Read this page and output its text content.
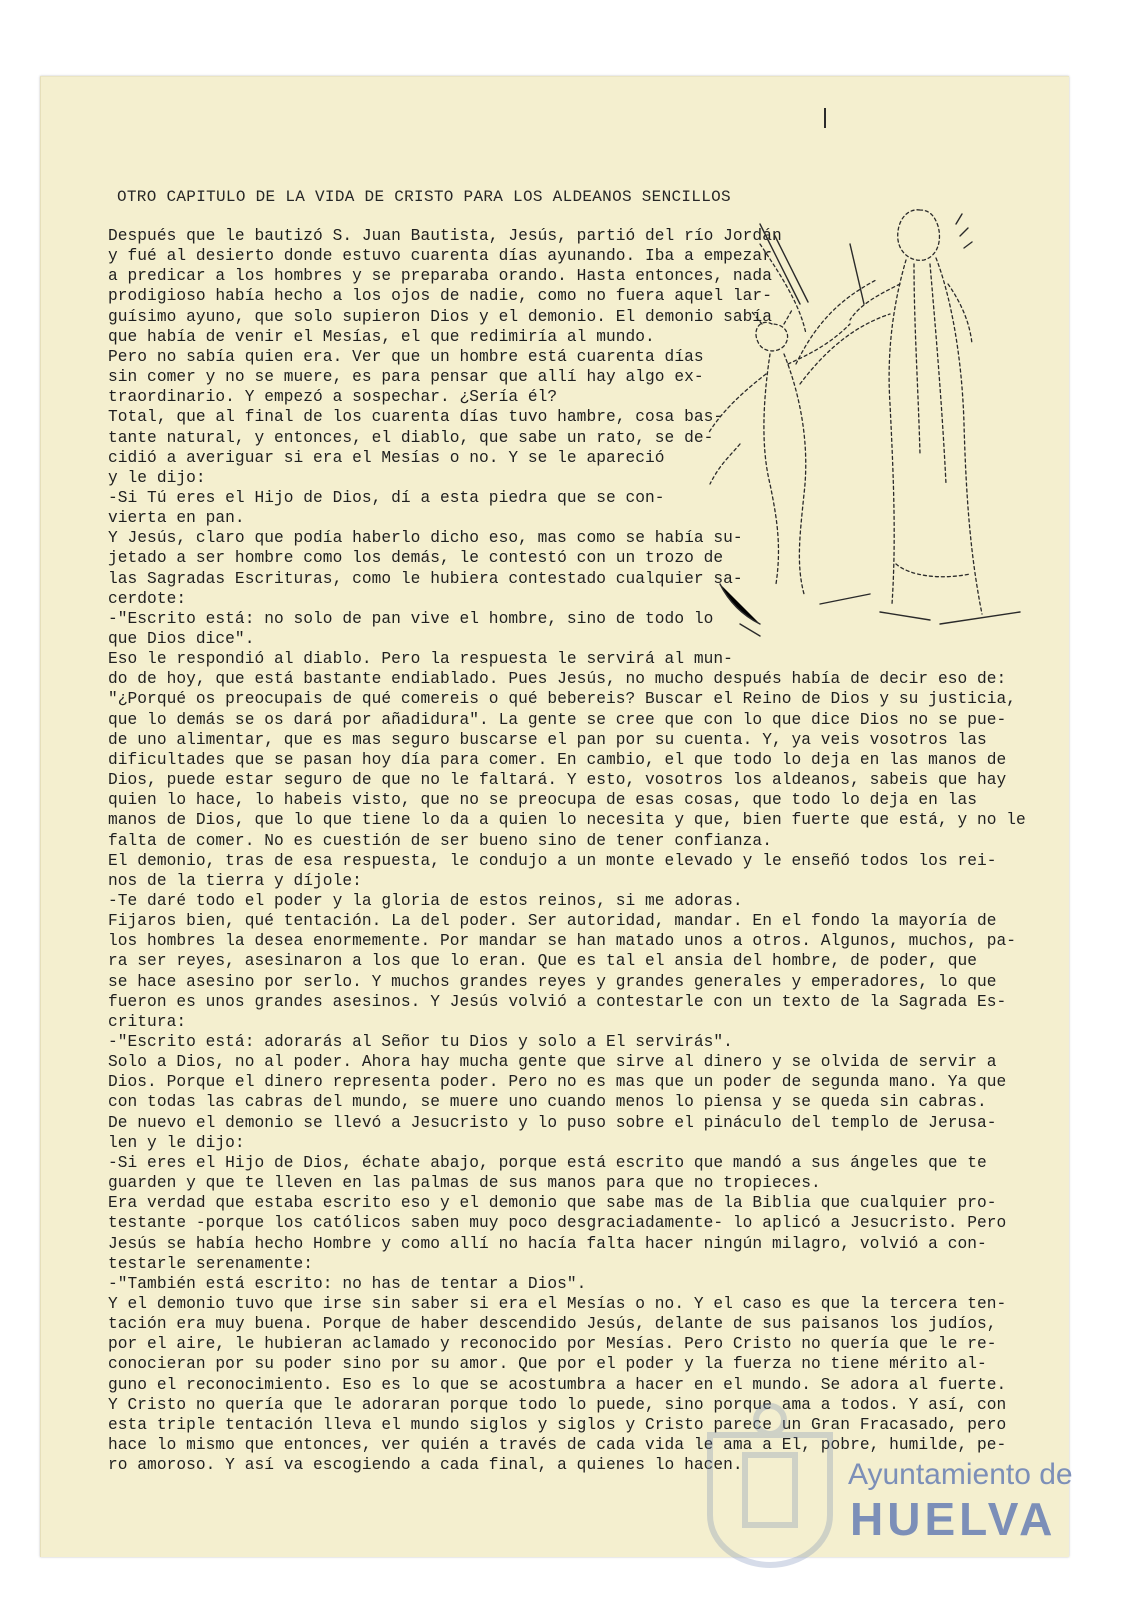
OTRO CAPITULO DE LA VIDA DE CRISTO PARA LOS ALDEANOS SENCILLOS
Después que le bautizó S. Juan Bautista, Jesús, partió del río Jordán
y fué al desierto donde estuvo cuarenta días ayunando. Iba a empezar
a predicar a los hombres y se preparaba orando. Hasta entonces, nada
prodigioso había hecho a los ojos de nadie, como no fuera aquel lar-
guísimo ayuno, que solo supieron Dios y el demonio. El demonio sabía
que había de venir el Mesías, el que redimiría al mundo.
Pero no sabía quien era. Ver que un hombre está cuarenta días
sin comer y no se muere, es para pensar que allí hay algo ex-
traordinario. Y empezó a sospechar. ¿Sería él?
Total, que al final de los cuarenta días tuvo hambre, cosa bas-
tante natural, y entonces, el diablo, que sabe un rato, se de-
cidió a averiguar si era el Mesías o no. Y se le apareció
y le dijo:
-Si Tú eres el Hijo de Dios, dí a esta piedra que se con-
vierta en pan.
Y Jesús, claro que podía haberlo dicho eso, mas como se había su-
jetado a ser hombre como los demás, le contestó con un trozo de
las Sagradas Escrituras, como le hubiera contestado cualquier sa-
cerdote:
-"Escrito está: no solo de pan vive el hombre, sino de todo lo
que Dios dice".
Eso le respondió al diablo. Pero la respuesta le servirá al mun-
do de hoy, que está bastante endiablado. Pues Jesús, no mucho después había de decir eso de:
"¿Porqué os preocupais de qué comereis o qué bebereis? Buscar el Reino de Dios y su justicia,
que lo demás se os dará por añadidura". La gente se cree que con lo que dice Dios no se pue-
de uno alimentar, que es mas seguro buscarse el pan por su cuenta. Y, ya veis vosotros las
dificultades que se pasan hoy día para comer. En cambio, el que todo lo deja en las manos de
Dios, puede estar seguro de que no le faltará. Y esto, vosotros los aldeanos, sabeis que hay
quien lo hace, lo habeis visto, que no se preocupa de esas cosas, que todo lo deja en las
manos de Dios, que lo que tiene lo da a quien lo necesita y que, bien fuerte que está, y no le
falta de comer. No es cuestión de ser bueno sino de tener confianza.
El demonio, tras de esa respuesta, le condujo a un monte elevado y le enseñó todos los rei-
nos de la tierra y díjole:
-Te daré todo el poder y la gloria de estos reinos, si me adoras.
Fijaros bien, qué tentación. La del poder. Ser autoridad, mandar. En el fondo la mayoría de
los hombres la desea enormemente. Por mandar se han matado unos a otros. Algunos, muchos, pa-
ra ser reyes, asesinaron a los que lo eran. Que es tal el ansia del hombre, de poder, que
se hace asesino por serlo. Y muchos grandes reyes y grandes generales y emperadores, lo que
fueron es unos grandes asesinos. Y Jesús volvió a contestarle con un texto de la Sagrada Es-
critura:
-"Escrito está: adorarás al Señor tu Dios y solo a El servirás".
Solo a Dios, no al poder. Ahora hay mucha gente que sirve al dinero y se olvida de servir a
Dios. Porque el dinero representa poder. Pero no es mas que un poder de segunda mano. Ya que
con todas las cabras del mundo, se muere uno cuando menos lo piensa y se queda sin cabras.
De nuevo el demonio se llevó a Jesucristo y lo puso sobre el pináculo del templo de Jerusa-
len y le dijo:
-Si eres el Hijo de Dios, échate abajo, porque está escrito que mandó a sus ángeles que te
guarden y que te lleven en las palmas de sus manos para que no tropieces.
Era verdad que estaba escrito eso y el demonio que sabe mas de la Biblia que cualquier pro-
testante -porque los católicos saben muy poco desgraciadamente- lo aplicó a Jesucristo. Pero
Jesús se había hecho Hombre y como allí no hacía falta hacer ningún milagro, volvió a con-
testarle serenamente:
-"También está escrito: no has de tentar a Dios".
Y el demonio tuvo que irse sin saber si era el Mesías o no. Y el caso es que la tercera ten-
tación era muy buena. Porque de haber descendido Jesús, delante de sus paisanos los judíos,
por el aire, le hubieran aclamado y reconocido por Mesías. Pero Cristo no quería que le re-
conocieran por su poder sino por su amor. Que por el poder y la fuerza no tiene mérito al-
guno el reconocimiento. Eso es lo que se acostumbra a hacer en el mundo. Se adora al fuerte.
Y Cristo no quería que le adoraran porque todo lo puede, sino porque ama a todos. Y así, con
esta triple tentación lleva el mundo siglos y siglos y Cristo parece un Gran Fracasado, pero
hace lo mismo que entonces, ver quién a través de cada vida le ama a El, pobre, humilde, pe-
ro amoroso. Y así va escogiendo a cada final, a quienes lo hacen.	Ayuntamiento de
HUELVA
